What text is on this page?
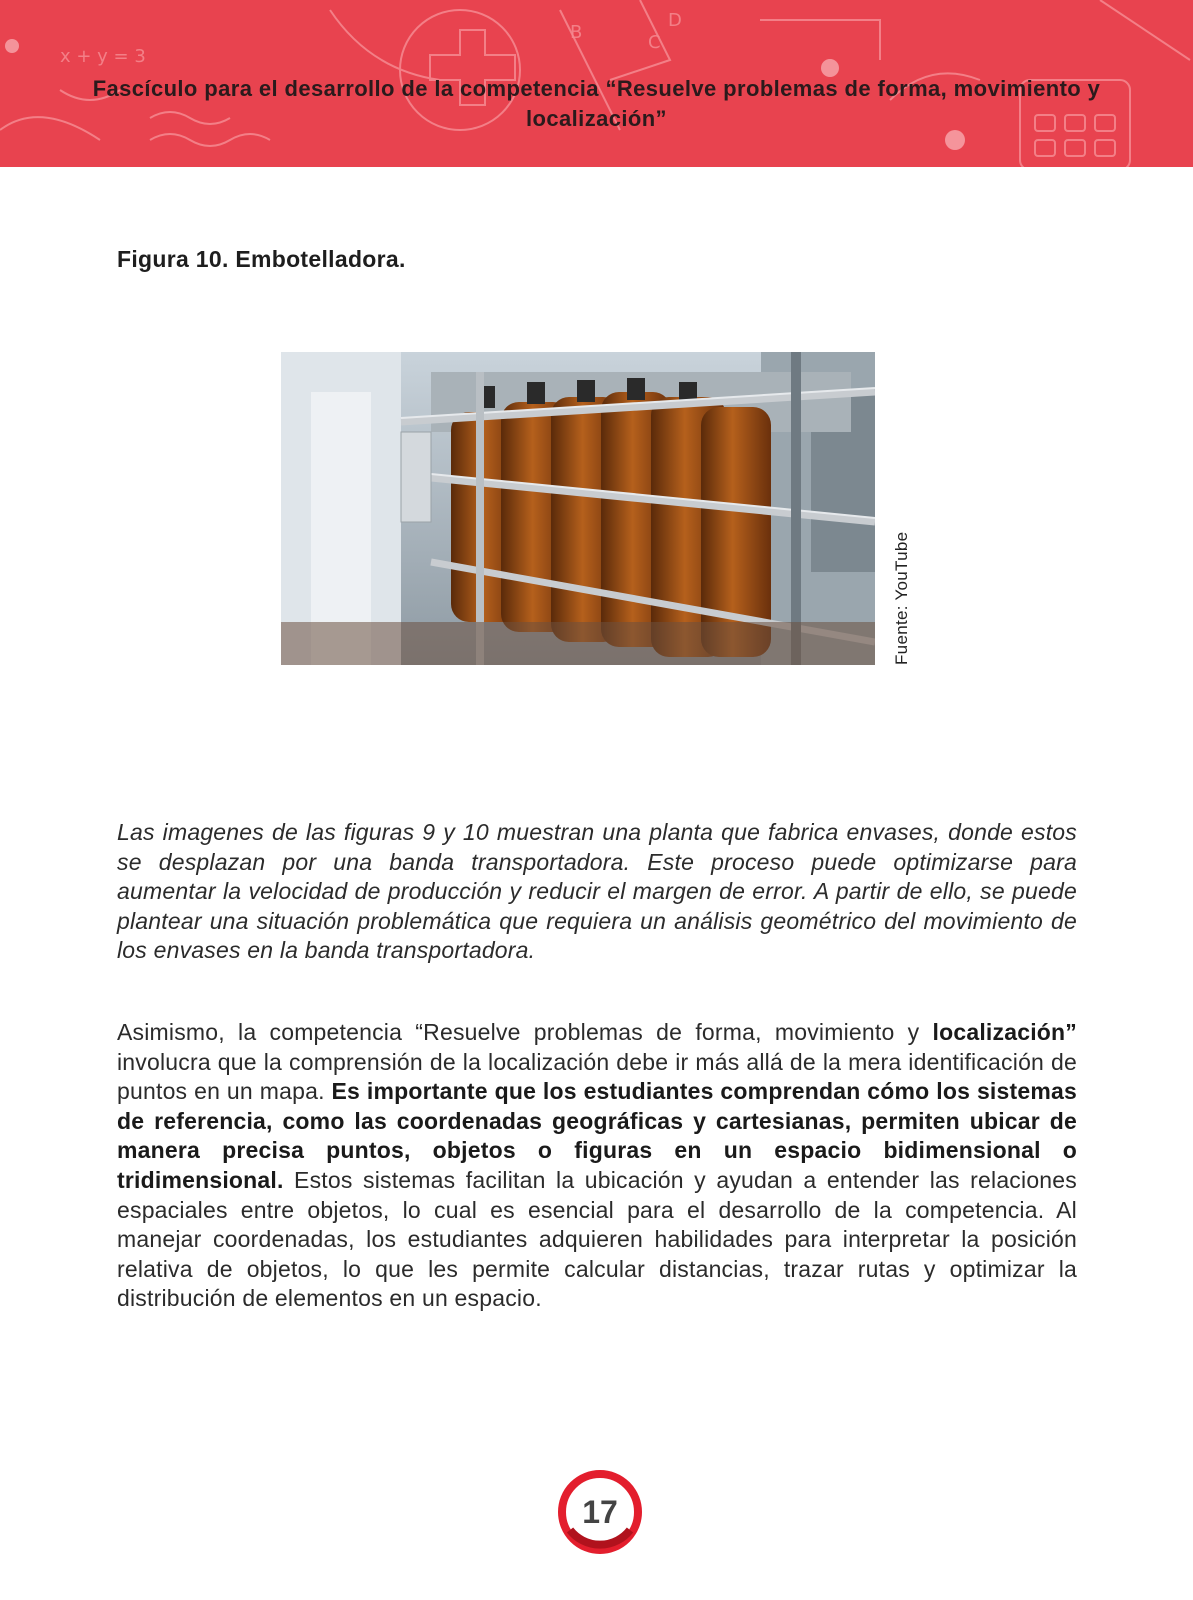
x + y = 3
B	C
D
Fascículo para el desarrollo de la competencia “Resuelve problemas de forma, movimiento y localización”
Figura 10. Embotelladora.
Fuente: YouTube

Las imagenes de las figuras 9 y 10 muestran una planta que fabrica envases, donde estos se desplazan por una banda transportadora. Este proceso puede optimizarse para aumentar la velocidad de producción y reducir el margen de error. A partir de ello, se puede plantear una situación problemática que requiera un análisis geométrico del movimiento de los envases en la banda transportadora.

Asimismo, la competencia “Resuelve problemas de forma, movimiento y localización” involucra que la comprensión de la localización debe ir más allá de la mera identificación de puntos en un mapa. Es importante que los estudiantes comprendan cómo los sistemas de referencia, como las coordenadas geográficas y cartesianas, permiten ubicar de manera precisa puntos, objetos o figuras en un espacio bidimensional o tridimensional. Estos sistemas facilitan la ubicación y ayudan a entender las relaciones espaciales entre objetos, lo cual es esencial para el desarrollo de la competencia. Al manejar coordenadas, los estudiantes adquieren habilidades para interpretar la posición relativa de objetos, lo que les permite calcular distancias, trazar rutas y optimizar la distribución de elementos en un espacio.

17
